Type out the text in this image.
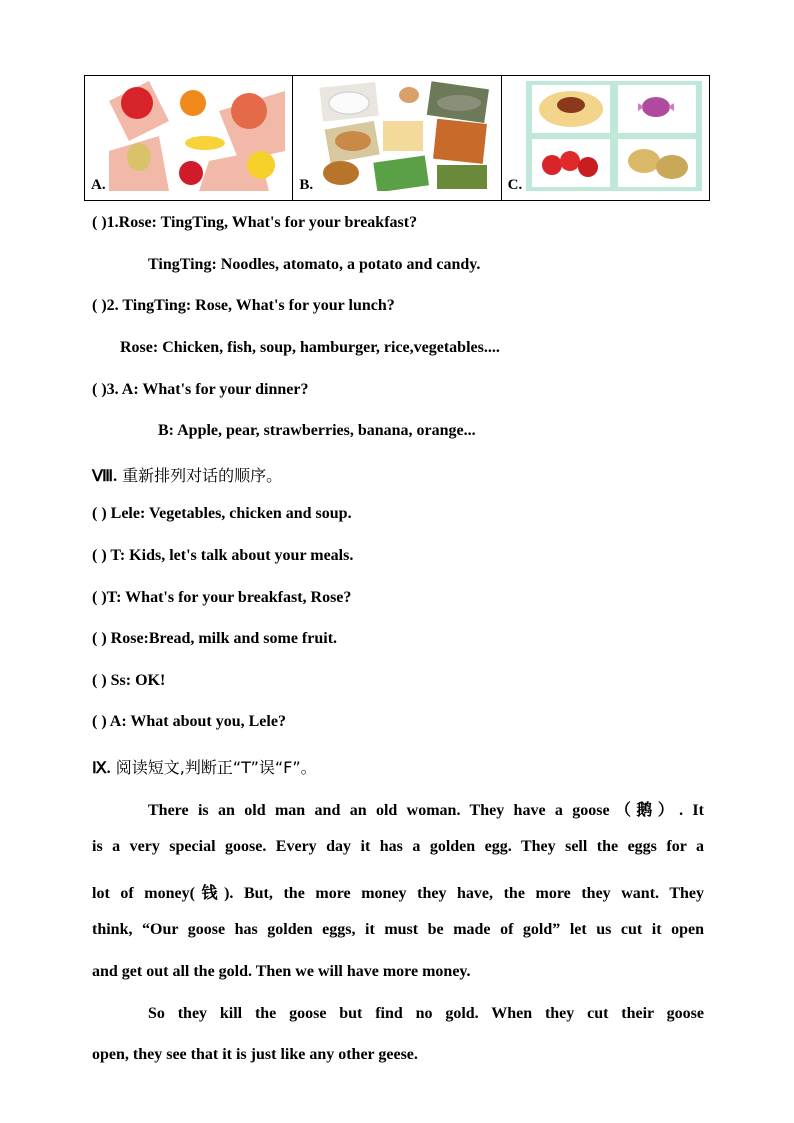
A.	B.	C.
( )1.Rose: TingTing, What's for your breakfast?
TingTing: Noodles, atomato, a potato and candy.
( )2. TingTing: Rose, What's for your lunch?
Rose: Chicken, fish, soup, hamburger, rice,vegetables....
( )3. A: What's for your dinner?
B: Apple, pear, strawberries, banana, orange...
Ⅷ. 重新排列对话的顺序。
( ) Lele: Vegetables, chicken and soup.
( ) T: Kids, let's talk about your meals.
( )T: What's for your breakfast, Rose?
( ) Rose:Bread, milk and some fruit.
( ) Ss: OK!
( ) A: What about you, Lele?
Ⅸ. 阅读短文,判断正“T”误“F”。
There is an old man and an old woman. They have a goose（鹅）. It
is a very special goose. Every day it has a golden egg. They sell the eggs for a
lot of money(钱). But, the more money they have, the more they want. They
think, “Our goose has golden eggs, it must be made of gold” let us cut it open
and get out all the gold. Then we will have more money.
So they kill the goose but find no gold. When they cut their goose
open, they see that it is just like any other geese.
